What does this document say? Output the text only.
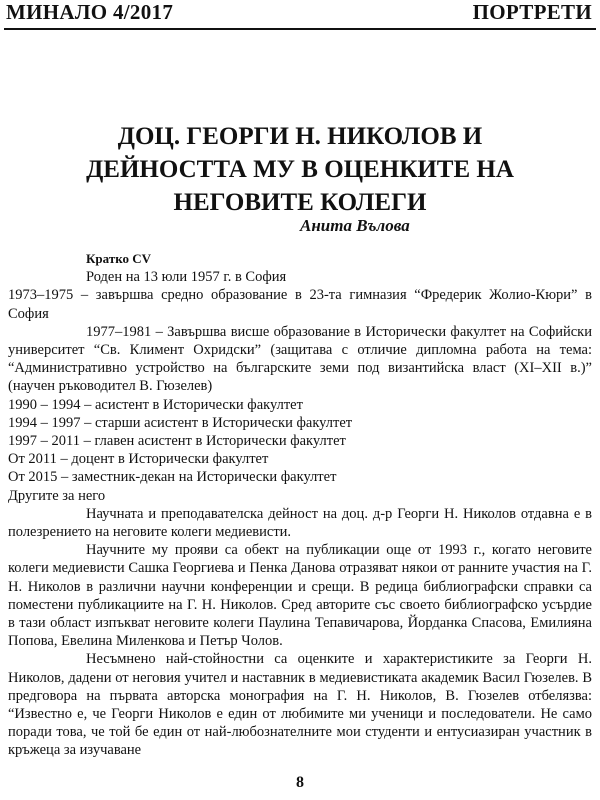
МИНАЛО 4/2017	ПОРТРЕТИ
ДОЦ. ГЕОРГИ Н. НИКОЛОВ И
ДЕЙНОСТТА МУ В ОЦЕНКИТЕ НА
НЕГОВИТЕ КОЛЕГИ
Анита Вълова

Кратко CV

Роден на 13 юли 1957 г. в София

1973–1975 – завършва средно образование в 23-та гимназия “Фредерик Жолио-Кюри” в София

1977–1981 – Завършва висше образование в Исторически факултет на Софийски университет “Св. Климент Охридски” (защитава с отличие дипломна работа на тема: “Административно устройство на българските земи под византийска власт (XI–XII в.)” (научен ръководител В. Гюзелев)

1990 – 1994 – асистент в Исторически факултет

1994 – 1997 – старши асистент в Исторически факултет

1997 – 2011 – главен асистент в Исторически факултет

От 2011 – доцент в Исторически факултет

От 2015 – заместник-декан на Исторически факултет

Другите за него

Научната и преподавателска дейност на доц. д-р Георги Н. Николов отдавна е в полезрението на неговите колеги медиевисти.

Научните му прояви са обект на публикации още от 1993 г., когато неговите колеги медиевисти Сашка Георгиева и Пенка Данова отразяват някои от ранните участия на Г. Н. Николов в различни научни конференции и срещи. В редица библиографски справки са поместени публикациите на Г. Н. Николов. Сред авторите със своето библиографско усърдие в тази област изпъкват неговите колеги Паулина Тепавичарова, Йорданка Спасова, Емилияна Попова, Евелина Миленкова и Петър Чолов.

Несъмнено най-стойностни са оценките и характеристиките за Георги Н. Николов, дадени от неговия учител и наставник в медиевистиката академик Васил Гюзелев. В предговора на първата авторска монография на Г. Н. Николов, В. Гюзелев отбелязва: “Известно е, че Георги Николов е един от любимите ми ученици и последователи. Не само поради това, че той бе един от най-любознателните мои студенти и ентусиазиран участник в кръжеца за изучаване

8
